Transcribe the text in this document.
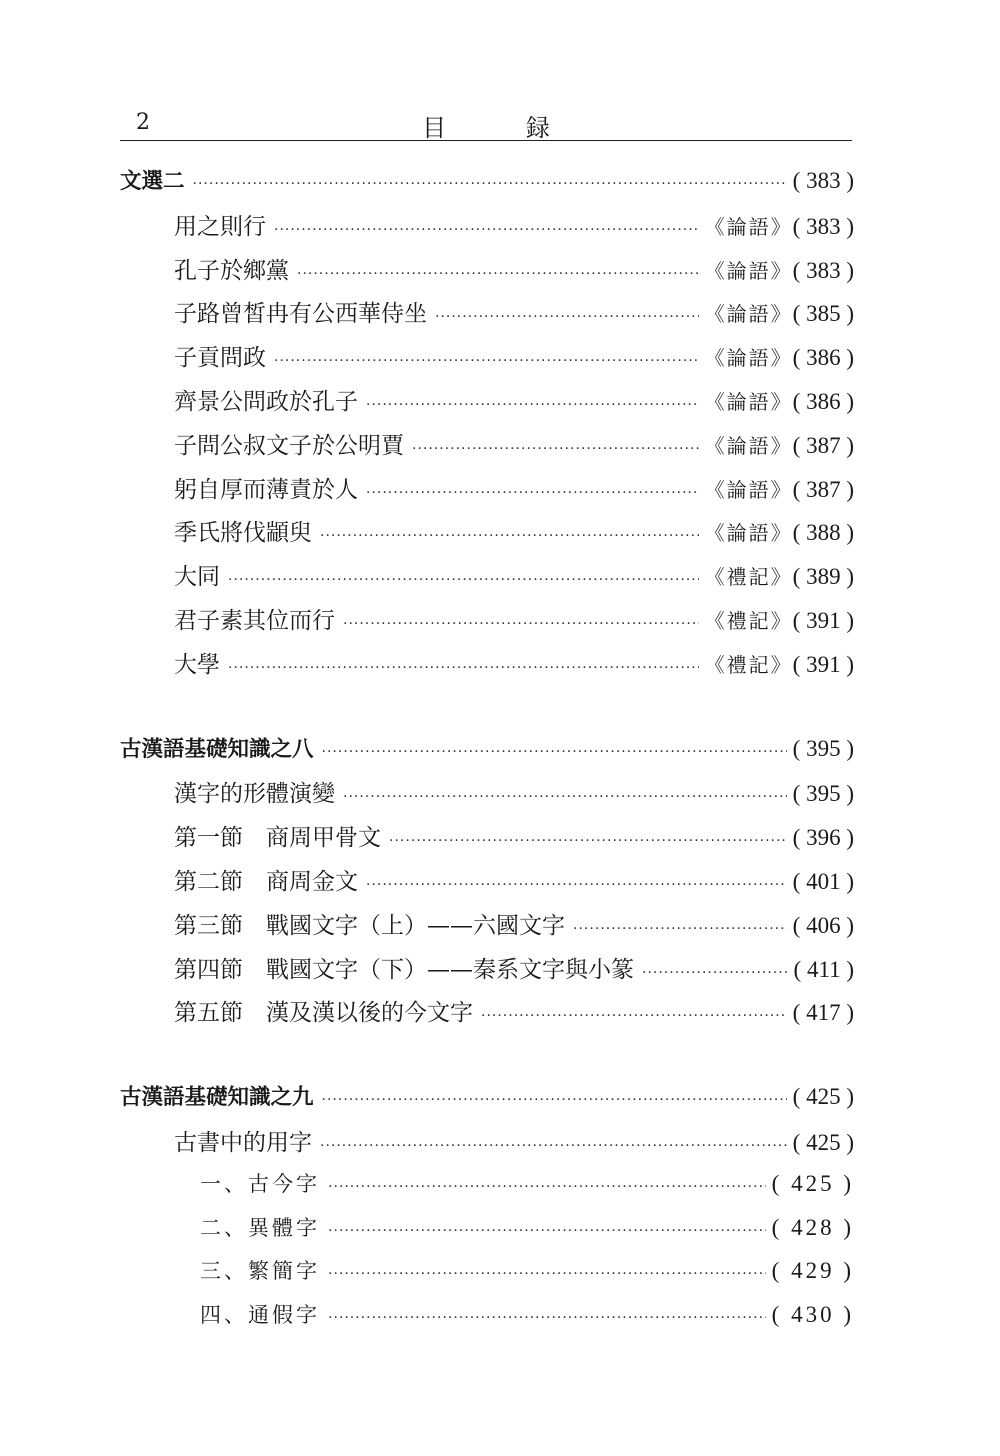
2	目 録
文選二 ·····	( 383 )
用之則行 ·····	《論語》 ( 383 )
孔子於鄉黨 ·····	《論語》 ( 383 )
子路曾皙冉有公西華侍坐 ·····	《論語》 ( 385 )
子貢問政 ·····	《論語》 ( 386 )
齊景公問政於孔子 ·····	《論語》 ( 386 )
子問公叔文子於公明賈 ·····	《論語》 ( 387 )
躬自厚而薄責於人 ·····	《論語》 ( 387 )
季氏將伐顓臾 ·····	《論語》 ( 388 )
大同 ·····	《禮記》 ( 389 )
君子素其位而行 ·····	《禮記》 ( 391 )
大學 ·····	《禮記》 ( 391 )
古漢語基礎知識之八 ·····	( 395 )
漢字的形體演變 ·····	( 395 )
第一節　商周甲骨文 ·····	( 396 )
第二節　商周金文 ·····	( 401 )
第三節　戰國文字（上）——六國文字 ·····	( 406 )
第四節　戰國文字（下）——秦系文字與小篆 ·····	( 411 )
第五節　漢及漢以後的今文字 ·····	( 417 )
古漢語基礎知識之九 ·····	( 425 )
古書中的用字 ·····	( 425 )
一、古今字 ·····	( 425 )
二、異體字 ·····	( 428 )
三、繁簡字 ·····	( 429 )
四、通假字 ·····	( 430 )
